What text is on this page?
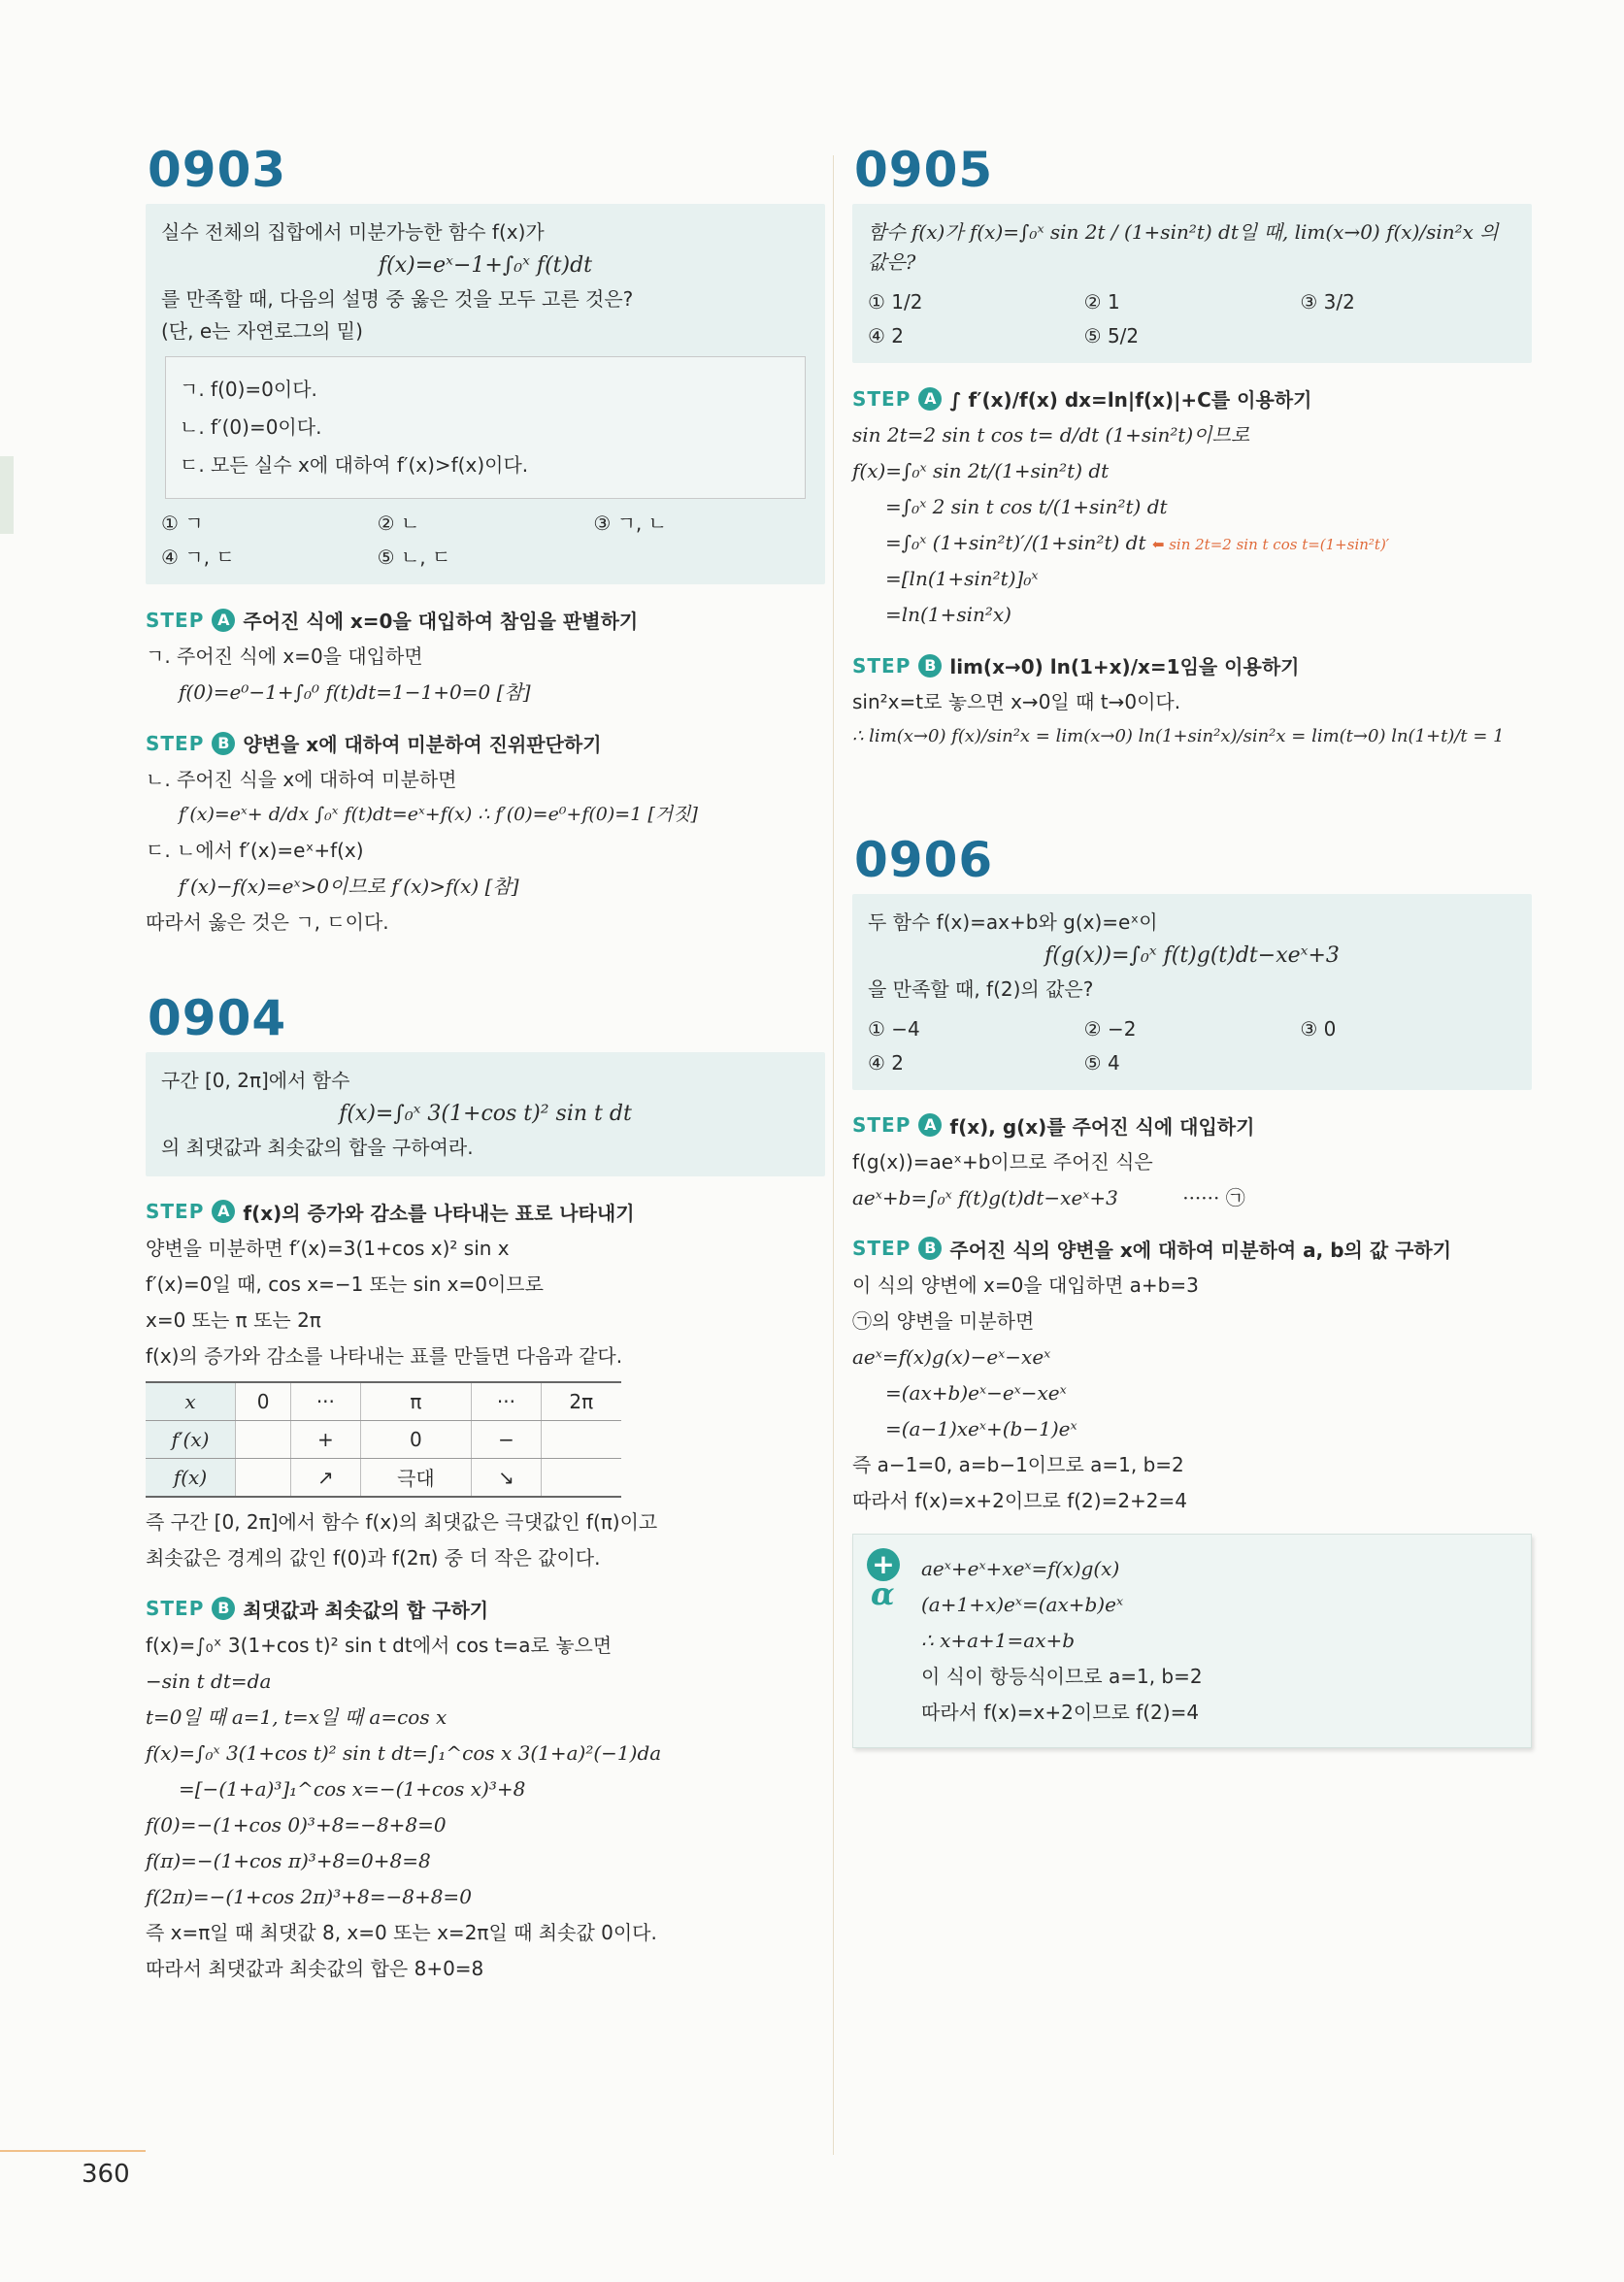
0903

실수 전체의 집합에서 미분가능한 함수 f(x)가

f(x)=eˣ−1+∫₀ˣ f(t)dt

를 만족할 때, 다음의 설명 중 옳은 것을 모두 고른 것은?

(단, e는 자연로그의 밑)

ㄱ. f(0)=0이다.

ㄴ. f′(0)=0이다.

ㄷ. 모든 실수 x에 대하여 f′(x)>f(x)이다.

① ㄱ	② ㄴ	③ ㄱ, ㄴ
④ ㄱ, ㄷ	⑤ ㄴ, ㄷ
STEP A 주어진 식에 x=0을 대입하여 참임을 판별하기

ㄱ. 주어진 식에 x=0을 대입하면

f(0)=e⁰−1+∫₀⁰ f(t)dt=1−1+0=0 [참]

STEP B 양변을 x에 대하여 미분하여 진위판단하기

ㄴ. 주어진 식을 x에 대하여 미분하면

f′(x)=eˣ+ d/dx ∫₀ˣ f(t)dt=eˣ+f(x) ∴ f′(0)=e⁰+f(0)=1 [거짓]

ㄷ. ㄴ에서 f′(x)=eˣ+f(x)

f′(x)−f(x)=eˣ>0이므로 f′(x)>f(x) [참]

따라서 옳은 것은 ㄱ, ㄷ이다.

0904

구간 [0, 2π]에서 함수

f(x)=∫₀ˣ 3(1+cos t)² sin t dt

의 최댓값과 최솟값의 합을 구하여라.

STEP A f(x)의 증가와 감소를 나타내는 표로 나타내기

양변을 미분하면 f′(x)=3(1+cos x)² sin x

f′(x)=0일 때, cos x=−1 또는 sin x=0이므로

x=0 또는 π 또는 2π

f(x)의 증가와 감소를 나타내는 표를 만들면 다음과 같다.

x	0	···	π	···	2π
f′(x)		+	0	−	
f(x)		↗	극대	↘	

즉 구간 [0, 2π]에서 함수 f(x)의 최댓값은 극댓값인 f(π)이고

최솟값은 경계의 값인 f(0)과 f(2π) 중 더 작은 값이다.

STEP B 최댓값과 최솟값의 합 구하기

f(x)=∫₀ˣ 3(1+cos t)² sin t dt에서 cos t=a로 놓으면

−sin t dt=da

t=0일 때 a=1, t=x일 때 a=cos x

f(x)=∫₀ˣ 3(1+cos t)² sin t dt=∫₁^cos x 3(1+a)²(−1)da

=[−(1+a)³]₁^cos x=−(1+cos x)³+8

f(0)=−(1+cos 0)³+8=−8+8=0

f(π)=−(1+cos π)³+8=0+8=8

f(2π)=−(1+cos 2π)³+8=−8+8=0

즉 x=π일 때 최댓값 8, x=0 또는 x=2π일 때 최솟값 0이다.

따라서 최댓값과 최솟값의 합은 8+0=8

0905

함수 f(x)가 f(x)=∫₀ˣ sin 2t / (1+sin²t) dt일 때, lim(x→0) f(x)/sin²x 의 값은?

① 1/2	② 1	③ 3/2
④ 2	⑤ 5/2
STEP A ∫ f′(x)/f(x) dx=ln|f(x)|+C를 이용하기

sin 2t=2 sin t cos t= d/dt (1+sin²t)이므로

f(x)=∫₀ˣ sin 2t/(1+sin²t) dt

=∫₀ˣ 2 sin t cos t/(1+sin²t) dt

=∫₀ˣ (1+sin²t)′/(1+sin²t) dt ⬅ sin 2t=2 sin t cos t=(1+sin²t)′

=[ln(1+sin²t)]₀ˣ

=ln(1+sin²x)

STEP B lim(x→0) ln(1+x)/x=1임을 이용하기

sin²x=t로 놓으면 x→0일 때 t→0이다.

∴ lim(x→0) f(x)/sin²x = lim(x→0) ln(1+sin²x)/sin²x = lim(t→0) ln(1+t)/t = 1

0906

두 함수 f(x)=ax+b와 g(x)=eˣ이

f(g(x))=∫₀ˣ f(t)g(t)dt−xeˣ+3

을 만족할 때, f(2)의 값은?

① −4	② −2	③ 0
④ 2	⑤ 4
STEP A f(x), g(x)를 주어진 식에 대입하기

f(g(x))=aeˣ+b이므로 주어진 식은

aeˣ+b=∫₀ˣ f(t)g(t)dt−xeˣ+3	······ ㉠

STEP B 주어진 식의 양변을 x에 대하여 미분하여 a, b의 값 구하기

이 식의 양변에 x=0을 대입하면 a+b=3

㉠의 양변을 미분하면

aeˣ=f(x)g(x)−eˣ−xeˣ

=(ax+b)eˣ−eˣ−xeˣ

=(a−1)xeˣ+(b−1)eˣ

즉 a−1=0, a=b−1이므로 a=1, b=2

따라서 f(x)=x+2이므로 f(2)=2+2=4

+
α

aeˣ+eˣ+xeˣ=f(x)g(x)

(a+1+x)eˣ=(ax+b)eˣ

∴ x+a+1=ax+b

이 식이 항등식이므로 a=1, b=2

따라서 f(x)=x+2이므로 f(2)=4

360
